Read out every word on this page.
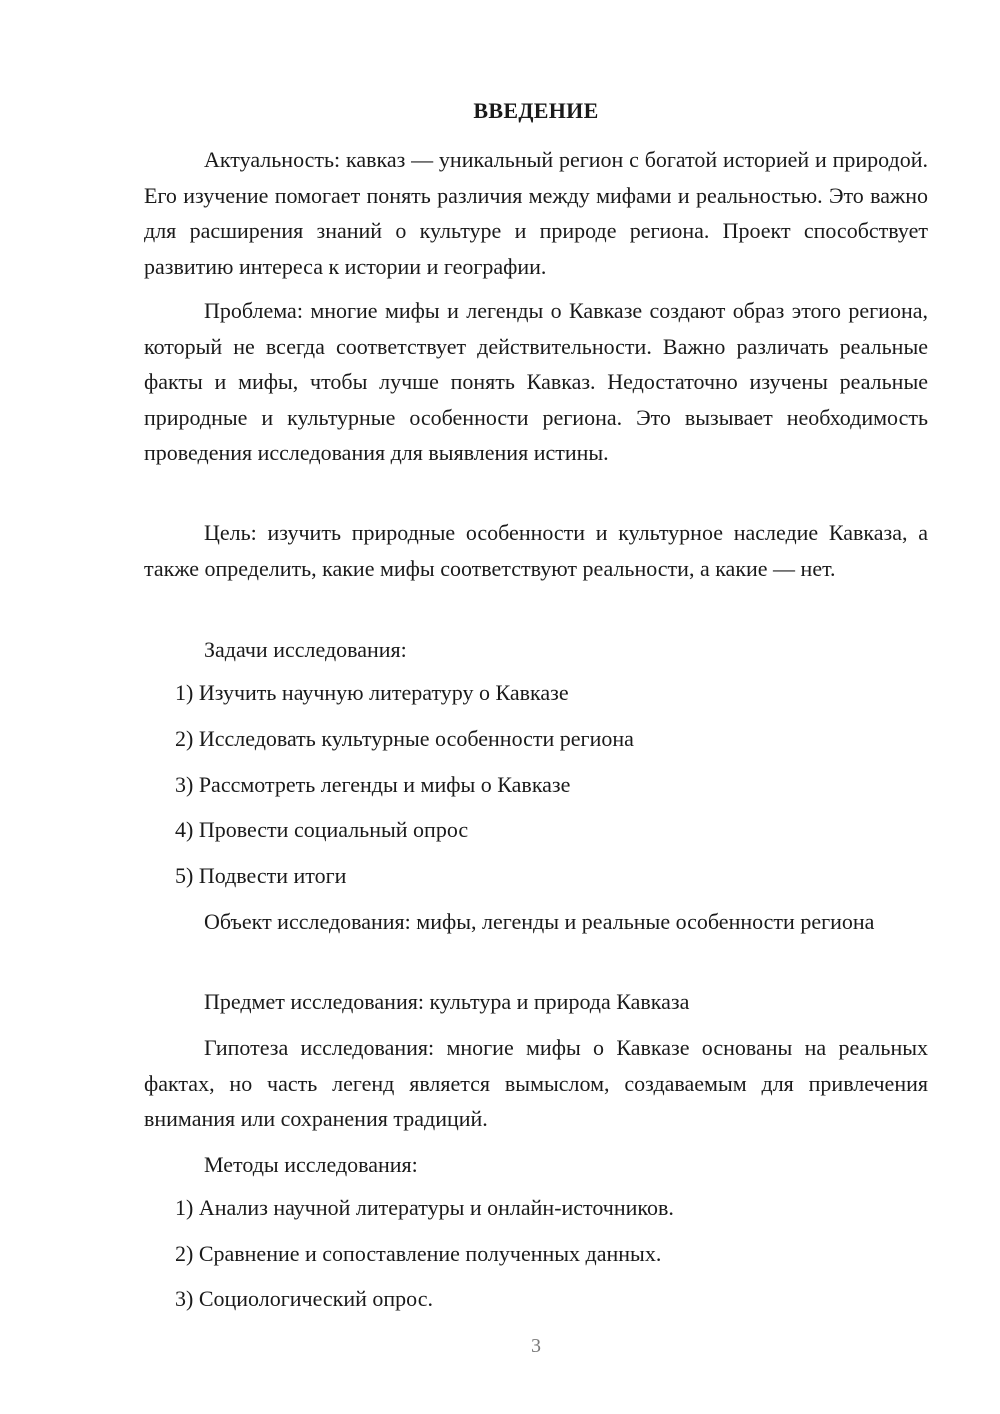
ВВЕДЕНИЕ

Актуальность: кавказ — уникальный регион с богатой историей и природой. Его изучение помогает понять различия между мифами и реальностью. Это важно для расширения знаний о культуре и природе региона. Проект способствует развитию интереса к истории и географии.

Проблема: многие мифы и легенды о Кавказе создают образ этого региона, который не всегда соответствует действительности. Важно различать реальные факты и мифы, чтобы лучше понять Кавказ. Недостаточно изучены реальные природные и культурные особенности региона. Это вызывает необходимость проведения исследования для выявления истины.

Цель: изучить природные особенности и культурное наследие Кавказа, а также определить, какие мифы соответствуют реальности, а какие — нет.

Задачи исследования:

1) Изучить научную литературу о Кавказе

2) Исследовать культурные особенности региона

3) Рассмотреть легенды и мифы о Кавказе

4) Провести социальный опрос

5) Подвести итоги

Объект исследования: мифы, легенды и реальные особенности региона

Предмет исследования: культура и природа Кавказа

Гипотеза исследования: многие мифы о Кавказе основаны на реальных фактах, но часть легенд является вымыслом, создаваемым для привлечения внимания или сохранения традиций.

Методы исследования:

1) Анализ научной литературы и онлайн-источников.

2) Сравнение и сопоставление полученных данных.

3) Социологический опрос.

3
